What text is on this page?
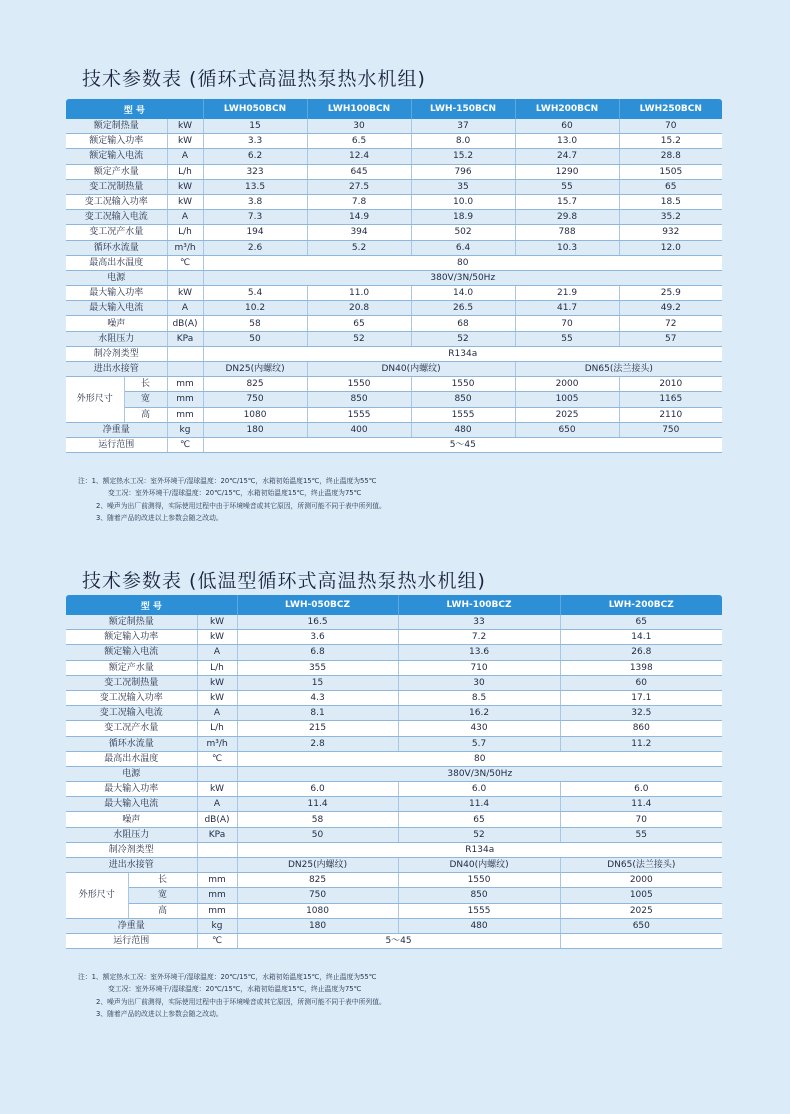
技术参数表 (循环式高温热泵热水机组)
型 号			LWH050BCN	LWH100BCN	LWH-150BCN	LWH200BCN	LWH250BCN
额定制热量		kW	15	30	37	60	70
额定输入功率		kW	3.3	6.5	8.0	13.0	15.2
额定输入电流		A	6.2	12.4	15.2	24.7	28.8
额定产水量		L/h	323	645	796	1290	1505
变工况制热量		kW	13.5	27.5	35	55	65
变工况输入功率		kW	3.8	7.8	10.0	15.7	18.5
变工况输入电流		A	7.3	14.9	18.9	29.8	35.2
变工况产水量		L/h	194	394	502	788	932
循环水流量		m³/h	2.6	5.2	6.4	10.3	12.0
最高出水温度		℃	80				
电源			380V/3N/50Hz				
最大输入功率		kW	5.4	11.0	14.0	21.9	25.9
最大输入电流		A	10.2	20.8	26.5	41.7	49.2
噪声		dB(A)	58	65	68	70	72
水阻压力		KPa	50	52	52	55	57
制冷剂类型			R134a				
进出水接管			DN25(内螺纹)	DN40(内螺纹)		DN65(法兰接头)	
外形尺寸	长	mm	825	1550	1550	2000	2010
	宽	mm	750	850	850	1005	1165
	高	mm	1080	1555	1555	2025	2110
净重量		kg	180	400	480	650	750
运行范围		℃	5～45				
注：1、额定热水工况：室外环境干/湿球温度：20℃/15℃，水箱初始温度15℃，终止温度为55℃
变工况：室外环境干/湿球温度：20℃/15℃，水箱初始温度15℃，终止温度为75℃
2、噪声为出厂前测得，实际使用过程中由于环境噪音或其它原因，所测可能不同于表中所列值。
3、随着产品的改进以上参数会随之改动。
技术参数表 (低温型循环式高温热泵热水机组)
型 号			LWH-050BCZ	LWH-100BCZ	LWH-200BCZ
额定制热量		kW	16.5	33	65
额定输入功率		kW	3.6	7.2	14.1
额定输入电流		A	6.8	13.6	26.8
额定产水量		L/h	355	710	1398
变工况制热量		kW	15	30	60
变工况输入功率		kW	4.3	8.5	17.1
变工况输入电流		A	8.1	16.2	32.5
变工况产水量		L/h	215	430	860
循环水流量		m³/h	2.8	5.7	11.2
最高出水温度		℃	80		
电源			380V/3N/50Hz		
最大输入功率		kW	6.0	6.0	6.0
最大输入电流		A	11.4	11.4	11.4
噪声		dB(A)	58	65	70
水阻压力		KPa	50	52	55
制冷剂类型			R134a		
进出水接管			DN25(内螺纹)	DN40(内螺纹)	DN65(法兰接头)
外形尺寸	长	mm	825	1550	2000
	宽	mm	750	850	1005
	高	mm	1080	1555	2025
净重量		kg	180	480	650
运行范围		℃	5～45		
注：1、额定热水工况：室外环境干/湿球温度：20℃/15℃，水箱初始温度15℃，终止温度为55℃
变工况：室外环境干/湿球温度：20℃/15℃，水箱初始温度15℃，终止温度为75℃
2、噪声为出厂前测得，实际使用过程中由于环境噪音或其它原因，所测可能不同于表中所列值。
3、随着产品的改进以上参数会随之改动。
